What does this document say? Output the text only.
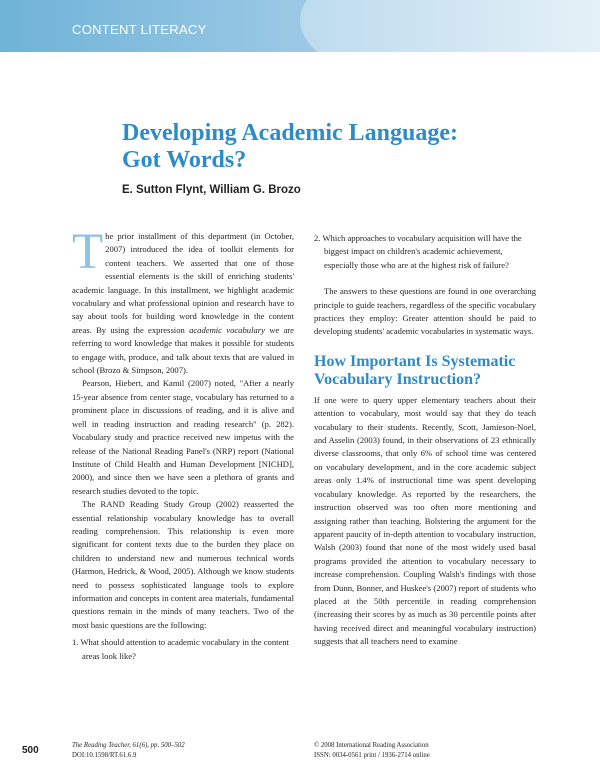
CONTENT LITERACY
Developing Academic Language:
Got Words?
E. Sutton Flynt, William G. Brozo

The prior installment of this department (in October, 2007) introduced the idea of toolkit elements for content teachers. We asserted that one of those essential elements is the skill of enriching students' academic language. In this installment, we highlight academic vocabulary and what professional opinion and research have to say about tools for building word knowledge in the content areas. By using the expression academic vocabulary we are referring to word knowledge that makes it possible for students to engage with, produce, and talk about texts that are valued in school (Brozo & Simpson, 2007).

Pearson, Hiebert, and Kamil (2007) noted, "After a nearly 15-year absence from center stage, vocabulary has returned to a prominent place in discussions of reading, and it is alive and well in reading instruction and reading research" (p. 282). Vocabulary study and practice received new impetus with the release of the National Reading Panel's (NRP) report (National Institute of Child Health and Human Development [NICHD], 2000), and since then we have seen a plethora of grants and research studies devoted to the topic.

The RAND Reading Study Group (2002) reasserted the essential relationship vocabulary knowledge has to overall reading comprehension. This relationship is even more significant for content texts due to the burden they place on children to understand new and numerous technical words (Harmon, Hedrick, & Wood, 2005). Although we know students need to possess sophisticated language tools to explore information and concepts in content area materials, fundamental questions remain in the minds of many teachers. Two of the most basic questions are the following:

1. What should attention to academic vocabulary in the content areas look like?

2. Which approaches to vocabulary acquisition will have the biggest impact on children's academic achievement, especially those who are at the highest risk of failure?

The answers to these questions are found in one overarching principle to guide teachers, regardless of the specific vocabulary practices they employ: Greater attention should be paid to developing students' academic vocabularies in systematic ways.

How Important Is Systematic Vocabulary Instruction?

If one were to query upper elementary teachers about their attention to vocabulary, most would say that they do teach vocabulary to their students. Recently, Scott, Jamieson-Noel, and Asselin (2003) found, in their observations of 23 ethnically diverse classrooms, that only 6% of school time was centered on vocabulary development, and in the core academic subject areas only 1.4% of instructional time was spent developing vocabulary knowledge. As reported by the researchers, the instruction observed was too often more mentioning and assigning rather than teaching. Bolstering the argument for the apparent paucity of in-depth attention to vocabulary instruction, Walsh (2003) found that none of the most widely used basal programs provided the attention to vocabulary necessary to increase comprehension. Coupling Walsh's findings with those from Dunn, Bonner, and Huskee's (2007) report of students who placed at the 50th percentile in reading comprehension (increasing their scores by as much as 30 percentile points after having received direct and meaningful vocabulary instruction) suggests that all teachers need to examine

500	The Reading Teacher, 61(6), pp. 500–502
DOI:10.1598/RT.61.6.9
© 2008 International Reading Association
ISSN: 0034-0561 print / 1936-2714 online
